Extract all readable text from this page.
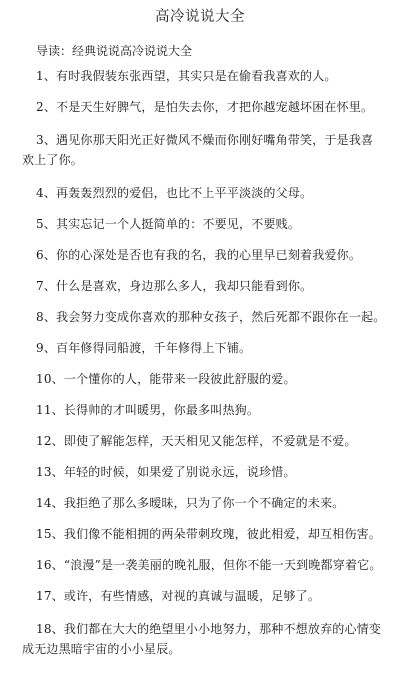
高冷说说大全
导读：经典说说高冷说说大全
1、有时我假装东张西望，其实只是在偷看我喜欢的人。
2、不是天生好脾气，是怕失去你，才把你越宠越坏困在怀里。
3、遇见你那天阳光正好微风不燥而你刚好嘴角带笑，于是我喜 欢上了你。
4、再轰轰烈烈的爱侣，也比不上平平淡淡的父母。
5、其实忘记一个人挺简单的：不要见，不要贱。
6、你的心深处是否也有我的名，我的心里早已刻着我爱你。
7、什么是喜欢，身边那么多人，我却只能看到你。
8、我会努力变成你喜欢的那种女孩子，然后死都不跟你在一起。
9、百年修得同船渡，千年修得上下铺。
10、一个懂你的人，能带来一段彼此舒服的爱。
11、长得帅的才叫暖男，你最多叫热狗。
12、即使了解能怎样，天天相见又能怎样，不爱就是不爱。
13、年轻的时候，如果爱了别说永远，说珍惜。
14、我拒绝了那么多暧昧，只为了你一个不确定的未来。
15、我们像不能相拥的两朵带刺玫瑰，彼此相爱，却互相伤害。
16、“浪漫”是一袭美丽的晚礼服，但你不能一天到晚都穿着它。
17、或许，有些情感，对视的真诚与温暖，足够了。
18、我们都在大大的绝望里小小地努力，那种不想放弃的心情变 成无边黑暗宇宙的小小星辰。
